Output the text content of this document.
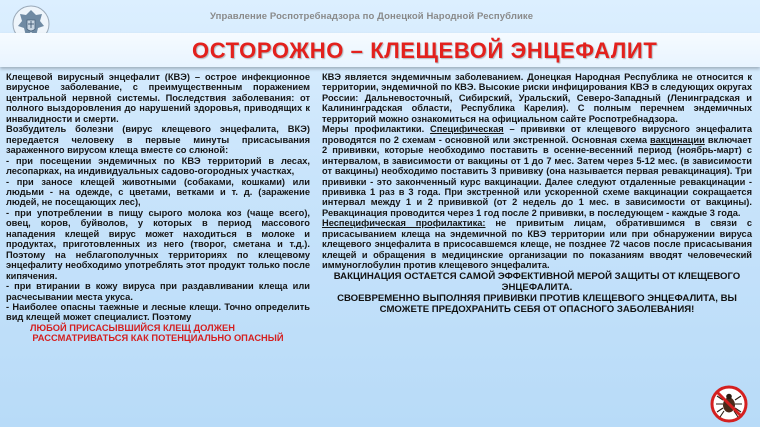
Управление Роспотребнадзора по Донецкой Народной Республике
ОСТОРОЖНО – КЛЕЩЕВОЙ ЭНЦЕФАЛИТ

Клещевой вирусный энцефалит (КВЭ) – острое инфекционное вирусное заболевание, с преимущественным поражением центральной нервной системы. Последствия заболевания: от полного выздоровления до нарушений здоровья, приводящих к инвалидности и смерти.

Возбудитель болезни (вирус клещевого энцефалита, ВКЭ) передается человеку в первые минуты присасывания зараженного вирусом клеща вместе со слюной:

- при посещении эндемичных по КВЭ территорий в лесах, лесопарках, на индивидуальных садово-огородных участках,

- при заносе клещей животными (собаками, кошками) или людьми - на одежде, с цветами, ветками и т. д. (заражение людей, не посещающих лес),

- при употреблении в пищу сырого молока коз (чаще всего), овец, коров, буйволов, у которых в период массового нападения клещей вирус может находиться в молоке и продуктах, приготовленных из него (творог, сметана и т.д.). Поэтому на неблагополучных территориях по клещевому энцефалиту необходимо употреблять этот продукт только после кипячения.

- при втирании в кожу вируса при раздавливании клеща или расчесывании места укуса.

- Наиболее опасны таежные и лесные клещи. Точно определить вид клещей может специалист. Поэтому

ЛЮБОЙ ПРИСАСЫВШИЙСЯ КЛЕЩ ДОЛЖЕН

РАССМАТРИВАТЬСЯ КАК ПОТЕНЦИАЛЬНО ОПАСНЫЙ

КВЭ является эндемичным заболеванием. Донецкая Народная Республика не относится к территории, эндемичной по КВЭ. Высокие риски инфицирования КВЭ в следующих округах России: Дальневосточный, Сибирский, Уральский, Северо-Западный (Ленинградская и Калининградская области, Республика Карелия). С полным перечнем эндемичных территорий можно ознакомиться на официальном сайте Роспотребнадзора.

Меры профилактики. Специфическая – прививки от клещевого вирусного энцефалита проводятся по 2 схемам - основной или экстренной. Основная схема вакцинации включает 2 прививки, которые необходимо поставить в осенне-весенний период (ноябрь-март) с интервалом, в зависимости от вакцины от 1 до 7 мес. Затем через 5-12 мес. (в зависимости от вакцины) необходимо поставить 3 прививку (она называется первая ревакцинация). Три прививки - это законченный курс вакцинации. Далее следуют отдаленные ревакцинации - прививка 1 раз в 3 года. При экстренной или ускоренной схеме вакцинации сокращается интервал между 1 и 2 прививкой (от 2 недель до 1 мес. в зависимости от вакцины). Ревакцинация проводится через 1 год после 2 прививки, в последующем - каждые 3 года.

Неспецифическая профилактика: не привитым лицам, обратившимся в связи с присасыванием клеща на эндемичной по КВЭ территории или при обнаружении вируса клещевого энцефалита в присосавшемся клеще, не позднее 72 часов после присасывания клещей и обращения в медицинские организации по показаниям вводят человеческий иммуноглобулин против клещевого энцефалита.

ВАКЦИНАЦИЯ ОСТАЕТСЯ САМОЙ ЭФФЕКТИВНОЙ МЕРОЙ ЗАЩИТЫ ОТ КЛЕЩЕВОГО ЭНЦЕФАЛИТА.

СВОЕВРЕМЕННО ВЫПОЛНЯЯ ПРИВИВКИ ПРОТИВ КЛЕЩЕВОГО ЭНЦЕФАЛИТА, ВЫ СМОЖЕТЕ ПРЕДОХРАНИТЬ СЕБЯ ОТ ОПАСНОГО ЗАБОЛЕВАНИЯ!
